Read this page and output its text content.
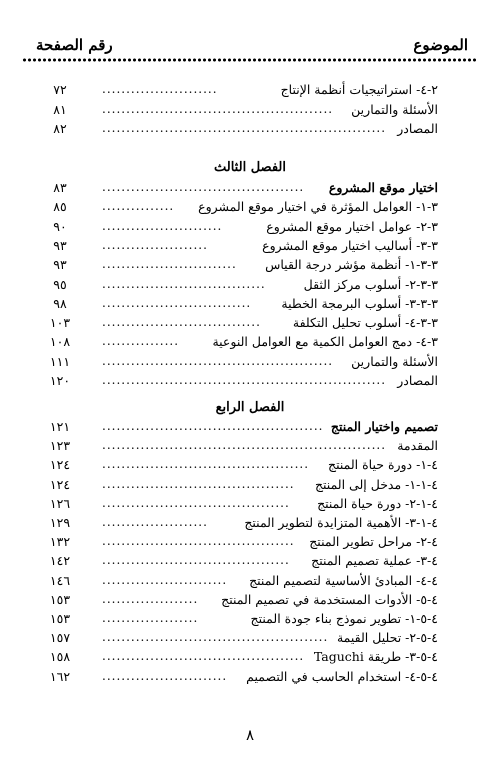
الموضوع
رقم الصفحة
٧٢	........................	٢-٤- استراتيجيات أنظمة الإنتاج
٨١	................................................	الأسئلة والتمارين
٨٢	........................................................... المصادر
٨٣	..........................................	اختيار موقع المشروع
٨٥	...............	٣-١- العوامل المؤثرة في اختيار موقع المشروع
٩٠	.........................	٣-٢- عوامل اختيار موقع المشروع
٩٣	......................	٣-٣- أساليب اختيار موقع المشروع
٩٣	............................	٣-٣-١- أنظمة مؤشر درجة القياس
٩٥	..................................	٣-٣-٢- أسلوب مركز الثقل
٩٨	...............................	٣-٣-٣- أسلوب البرمجة الخطية
١٠٣	.................................	٣-٣-٤- أسلوب تحليل التكلفة
١٠٨	................	٣-٤- دمج العوامل الكمية مع العوامل النوعية
١١١	................................................	الأسئلة والتمارين
١٢٠	........................................................... المصادر
١٢١	.............................................. تصميم واختيار المنتج
١٢٣	........................................................... المقدمة
١٢٤	...........................................	٤-١- دورة حياة المنتج
١٢٤	........................................	٤-١-١- مدخل إلى المنتج
١٢٦	.......................................	٤-١-٢- دورة حياة المنتج
١٢٩	......................	٤-١-٣- الأهمية المتزايدة لتطوير المنتج
١٣٢	........................................	٤-٢- مراحل تطوير المنتج
١٤٢	.......................................	٤-٣- عملية تصميم المنتج
١٤٦	..........................	٤-٤- المبادئ الأساسية لتصميم المنتج
١٥٣	....................	٤-٥- الأدوات المستخدمة في تصميم المنتج
١٥٣	....................	٤-٥-١- تطوير نموذج بناء جودة المنتج
١٥٧	............................................... ٤-٥-٢- تحليل القيمة
١٥٨	.......................................... ٤-٥-٣- طريقة Taguchi
١٦٢	..........................	٤-٥-٤- استخدام الحاسب في التصميم
الفصل الثالث
الفصل الرابع
٨
